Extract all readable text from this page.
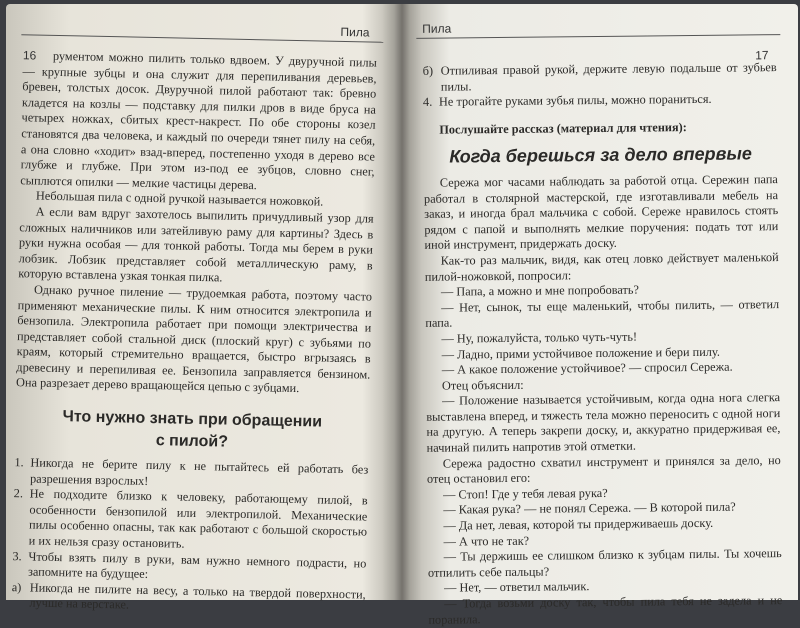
Пила
16	рументом можно пилить только вдвоем. У двуручной пилы — крупные зубцы и она служит для перепиливания деревьев, бревен, толстых досок. Двуручной пилой работают так: бревно кладется на козлы — подставку для пилки дров в виде бруса на четырех ножках, сбитых крест-накрест. По обе стороны козел становятся два человека, и каждый по очереди тянет пилу на себя, а она словно «ходит» взад-вперед, постепенно уходя в дерево все глубже и глубже. При этом из-под ее зубцов, словно снег, сыплются опилки — мелкие частицы дерева.

Небольшая пила с одной ручкой называется ножовкой.

А если вам вдруг захотелось выпилить причудливый узор для сложных наличников или затейливую раму для картины? Здесь в руки нужна особая — для тонкой работы. Тогда мы берем в руки лобзик. Лобзик представляет собой металлическую раму, в которую вставлена узкая тонкая пилка.

Однако ручное пиление — трудоемкая работа, поэтому часто применяют механические пилы. К ним относится электропила и бензопила. Электропила работает при помощи электричества и представляет собой стальной диск (плоский круг) с зубьями по краям, который стремительно вращается, быстро вгрызаясь в древесину и перепиливая ее. Бензопила заправляется бензином. Она разрезает дерево вращающейся цепью с зубцами.

Что нужно знать при обращении
с пилой?

1. Никогда не берите пилу к не пытайтесь ей работать без разрешения взрослых!

2. Не подходите близко к человеку, работающему пилой, в особенности бензопилой или электропилой. Механические пилы особенно опасны, так как работают с большой скоростью и их нельзя сразу остановить.

3. Чтобы взять пилу в руки, вам нужно немного подрасти, но запомните на будущее:

а) Никогда не пилите на весу, а только на твердой поверхности, лучше на верстаке.

Пила
17

б) Отпиливая правой рукой, держите левую подальше от зубьев пилы.

4. Не трогайте руками зубья пилы, можно пораниться.

Послушайте рассказ (материал для чтения):

Когда берешься за дело впервые

Сережа мог часами наблюдать за работой отца. Сережин папа работал в столярной мастерской, где изготавливали мебель на заказ, и иногда брал мальчика с собой. Сереже нравилось стоять рядом с папой и выполнять мелкие поручения: подать тот или иной инструмент, придержать доску.

Как-то раз мальчик, видя, как отец ловко действует маленькой пилой-ножовкой, попросил:

— Папа, а можно и мне попробовать?

— Нет, сынок, ты еще маленький, чтобы пилить, — ответил папа.

— Ну, пожалуйста, только чуть-чуть!

— Ладно, прими устойчивое положение и бери пилу.

— А какое положение устойчивое? — спросил Сережа.

Отец объяснил:

— Положение называется устойчивым, когда одна нога слегка выставлена вперед, и тяжесть тела можно переносить с одной ноги на другую. А теперь закрепи доску, и, аккуратно придерживая ее, начинай пилить напротив этой отметки.

Сережа радостно схватил инструмент и принялся за дело, но отец остановил его:

— Стоп! Где у тебя левая рука?

— Какая рука? — не понял Сережа. — В которой пила?

— Да нет, левая, которой ты придерживаешь доску.

— А что не так?

— Ты держишь ее слишком близко к зубцам пилы. Ты хочешь отпилить себе пальцы?

— Нет, — ответил мальчик.

— Тогда возьми доску так, чтобы пила тебя не задела и не поранила.
